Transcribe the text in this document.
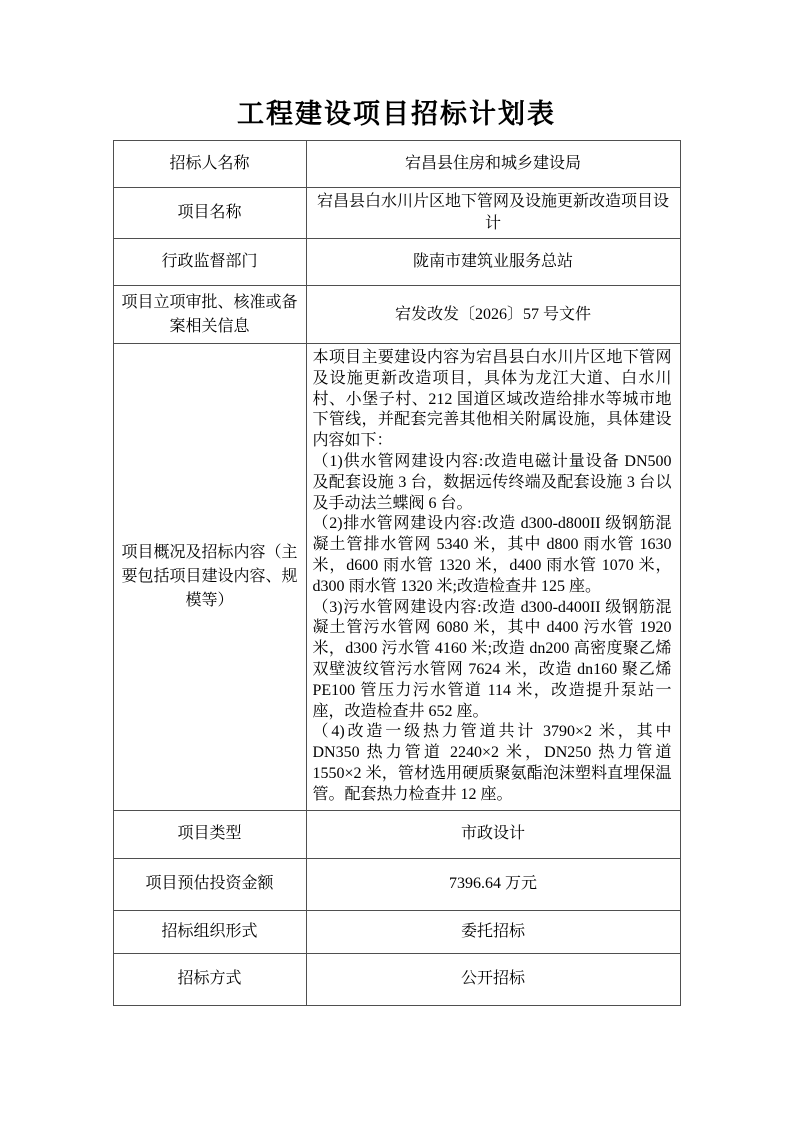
工程建设项目招标计划表
招标人名称	宕昌县住房和城乡建设局
项目名称	宕昌县白水川片区地下管网及设施更新改造项目设计
行政监督部门	陇南市建筑业服务总站
项目立项审批、核准或备案相关信息	宕发改发〔2026〕57 号文件
项目概况及招标内容（主要包括项目建设内容、规模等）	本项目主要建设内容为宕昌县白水川片区地下管网及设施更新改造项目，具体为龙江大道、白水川村、小堡子村、212 国道区域改造给排水等城市地下管线，并配套完善其他相关附属设施，具体建设内容如下：

（1)供水管网建设内容:改造电磁计量设备 DN500 及配套设施 3 台，数据远传终端及配套设施 3 台以及手动法兰蝶阀 6 台。

（2)排水管网建设内容:改造 d300-d800II 级钢筋混凝土管排水管网 5340 米，其中 d800 雨水管 1630 米，d600 雨水管 1320 米，d400 雨水管 1070 米，d300 雨水管 1320 米;改造检查井 125 座。

（3)污水管网建设内容:改造 d300-d400II 级钢筋混凝土管污水管网 6080 米，其中 d400 污水管 1920 米，d300 污水管 4160 米;改造 dn200 高密度聚乙烯双壁波纹管污水管网 7624 米，改造 dn160 聚乙烯 PE100 管压力污水管道 114 米，改造提升泵站一座，改造检查井 652 座。

（4)改造一级热力管道共计 3790×2 米，其中 DN350 热力管道 2240×2 米，DN250 热力管道 1550×2 米，管材选用硬质聚氨酯泡沫塑料直埋保温管。配套热力检查井 12 座。

项目类型	市政设计
项目预估投资金额	7396.64 万元
招标组织形式	委托招标
招标方式	公开招标
